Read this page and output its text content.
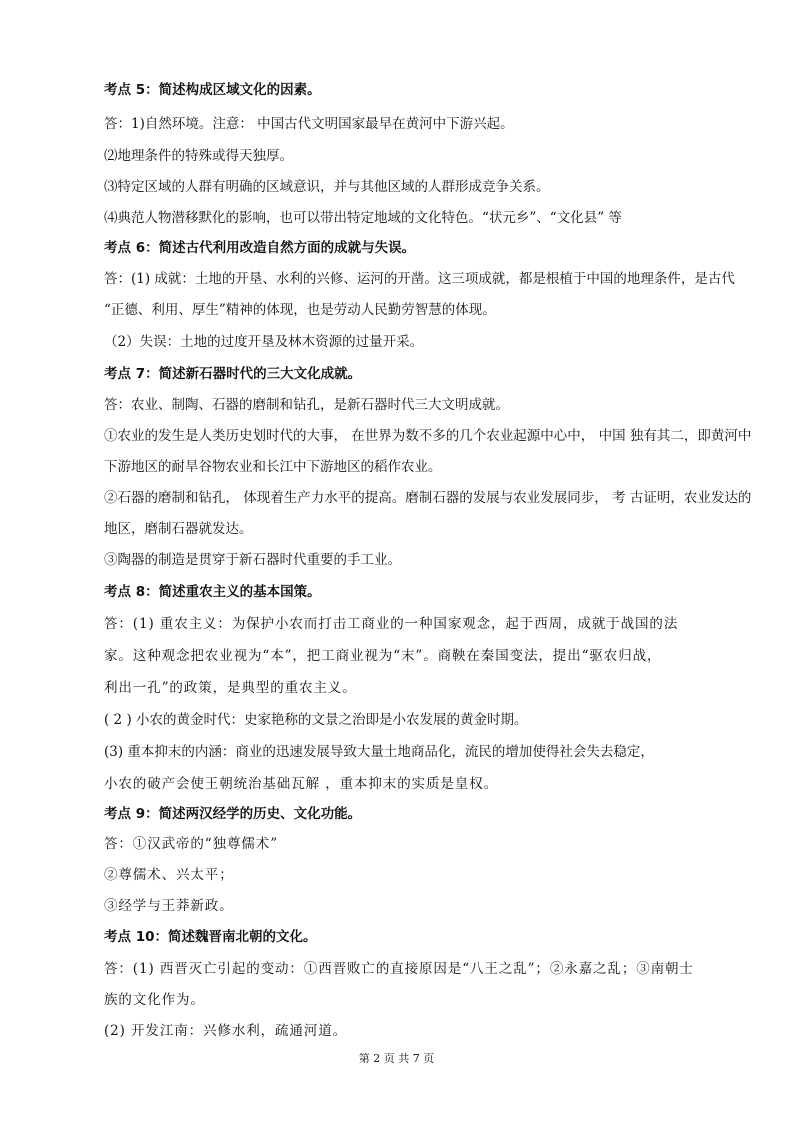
考点 5：简述构成区域文化的因素。
答：1)自然环境。注意： 中国古代文明国家最早在黄河中下游兴起。
⑵地理条件的特殊或得天独厚。
⑶特定区域的人群有明确的区域意识，并与其他区域的人群形成竞争关系。
⑷典范人物潜移默化的影响，也可以带出特定地域的文化特色。“状元乡”、“文化县” 等
考点 6：简述古代利用改造自然方面的成就与失误。
答：(1) 成就：土地的开垦、水利的兴修、运河的开凿。这三项成就，都是根植于中国的地理条件，是古代
“正德、利用、厚生”精神的体现，也是劳动人民勤劳智慧的体现。
（2）失误：土地的过度开垦及林木资源的过量开采。
考点 7：简述新石器时代的三大文化成就。
答：农业、制陶、石器的磨制和钻孔，是新石器时代三大文明成就。
①农业的发生是人类历史划时代的大事， 在世界为数不多的几个农业起源中心中， 中国 独有其二，即黄河中
下游地区的耐旱谷物农业和长江中下游地区的稻作农业。
②石器的磨制和钻孔， 体现着生产力水平的提高。磨制石器的发展与农业发展同步， 考 古证明，农业发达的
地区，磨制石器就发达。
③陶器的制造是贯穿于新石器时代重要的手工业。
考点 8：简述重农主义的基本国策。
答：(1) 重农主义：为保护小农而打击工商业的一种国家观念，起于西周，成就于战国的法
家。这种观念把农业视为“本”，把工商业视为“末”。商鞅在秦国变法，提出“驱农归战，
利出一孔”的政策，是典型的重农主义。
( 2 ) 小农的黄金时代：史家艳称的文景之治即是小农发展的黄金时期。
(3) 重本抑末的内涵：商业的迅速发展导致大量土地商品化，流民的增加使得社会失去稳定，
小农的破产会使王朝统治基础瓦解 ，重本抑末的实质是皇权。
考点 9：简述两汉经学的历史、文化功能。
答：①汉武帝的“独尊儒术”
②尊儒术、兴太平；
③经学与王莽新政。
考点 10：简述魏晋南北朝的文化。
答：(1) 西晋灭亡引起的变动：①西晋败亡的直接原因是“八王之乱”；②永嘉之乱；③南朝士
族的文化作为。
(2) 开发江南：兴修水利，疏通河道。
第 2 页 共 7 页
